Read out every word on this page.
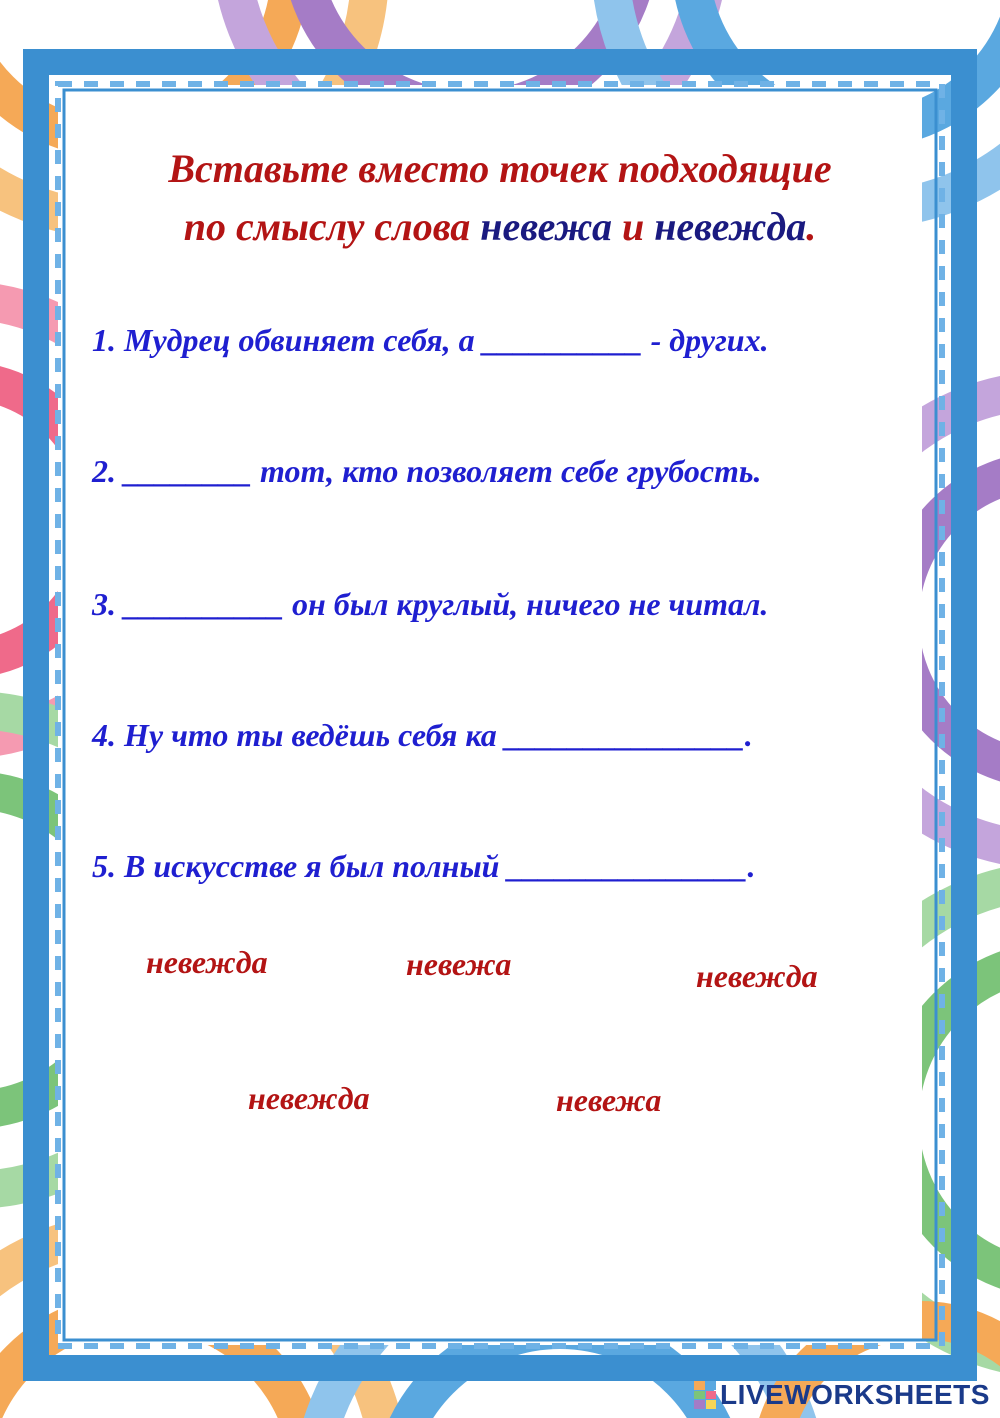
Вставьте вместо точек подходящие
по смыслу слова невежа и невежда.
1. Мудрец обвиняет себя, а __________ - других.
2. ________ тот, кто позволяет себе грубость.
3. __________ он был круглый, ничего не читал.
4. Ну что ты ведёшь себя ка _______________.
5. В искусстве я был полный _______________.
невежда	невежа	невежда
невежда	невежа
LIVEWORKSHEETS
